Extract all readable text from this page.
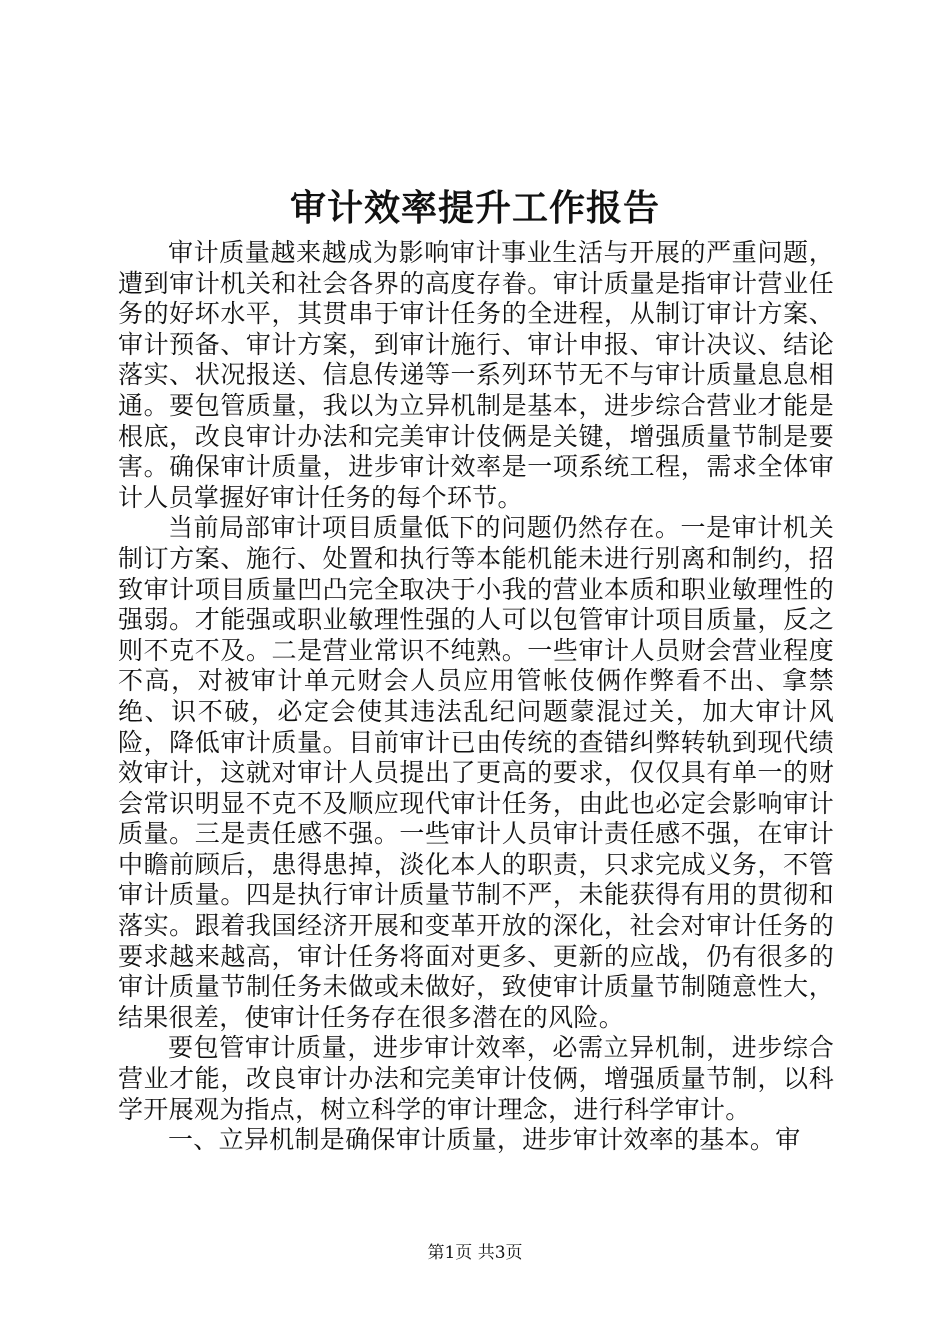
审计效率提升工作报告

审计质量越来越成为影响审计事业生活与开展的严重问题，遭到审计机关和社会各界的高度存眷。审计质量是指审计营业任务的好坏水平，其贯串于审计任务的全进程，从制订审计方案、审计预备、审计方案，到审计施行、审计申报、审计决议、结论落实、状况报送、信息传递等一系列环节无不与审计质量息息相通。要包管质量，我以为立异机制是基本，进步综合营业才能是根底，改良审计办法和完美审计伎俩是关键，增强质量节制是要害。确保审计质量，进步审计效率是一项系统工程，需求全体审计人员掌握好审计任务的每个环节。

当前局部审计项目质量低下的问题仍然存在。一是审计机关制订方案、施行、处置和执行等本能机能未进行别离和制约，招致审计项目质量凹凸完全取决于小我的营业本质和职业敏理性的强弱。才能强或职业敏理性强的人可以包管审计项目质量，反之则不克不及。二是营业常识不纯熟。一些审计人员财会营业程度不高，对被审计单元财会人员应用管帐伎俩作弊看不出、拿禁绝、识不破，必定会使其违法乱纪问题蒙混过关，加大审计风险，降低审计质量。目前审计已由传统的查错纠弊转轨到现代绩效审计，这就对审计人员提出了更高的要求，仅仅具有单一的财会常识明显不克不及顺应现代审计任务，由此也必定会影响审计质量。三是责任感不强。一些审计人员审计责任感不强，在审计中瞻前顾后，患得患掉，淡化本人的职责，只求完成义务，不管审计质量。四是执行审计质量节制不严，未能获得有用的贯彻和落实。跟着我国经济开展和变革开放的深化，社会对审计任务的要求越来越高，审计任务将面对更多、更新的应战，仍有很多的审计质量节制任务未做或未做好，致使审计质量节制随意性大，结果很差，使审计任务存在很多潜在的风险。

要包管审计质量，进步审计效率，必需立异机制，进步综合营业才能，改良审计办法和完美审计伎俩，增强质量节制，以科学开展观为指点，树立科学的审计理念，进行科学审计。

一、立异机制是确保审计质量，进步审计效率的基本。审

第1页 共3页
